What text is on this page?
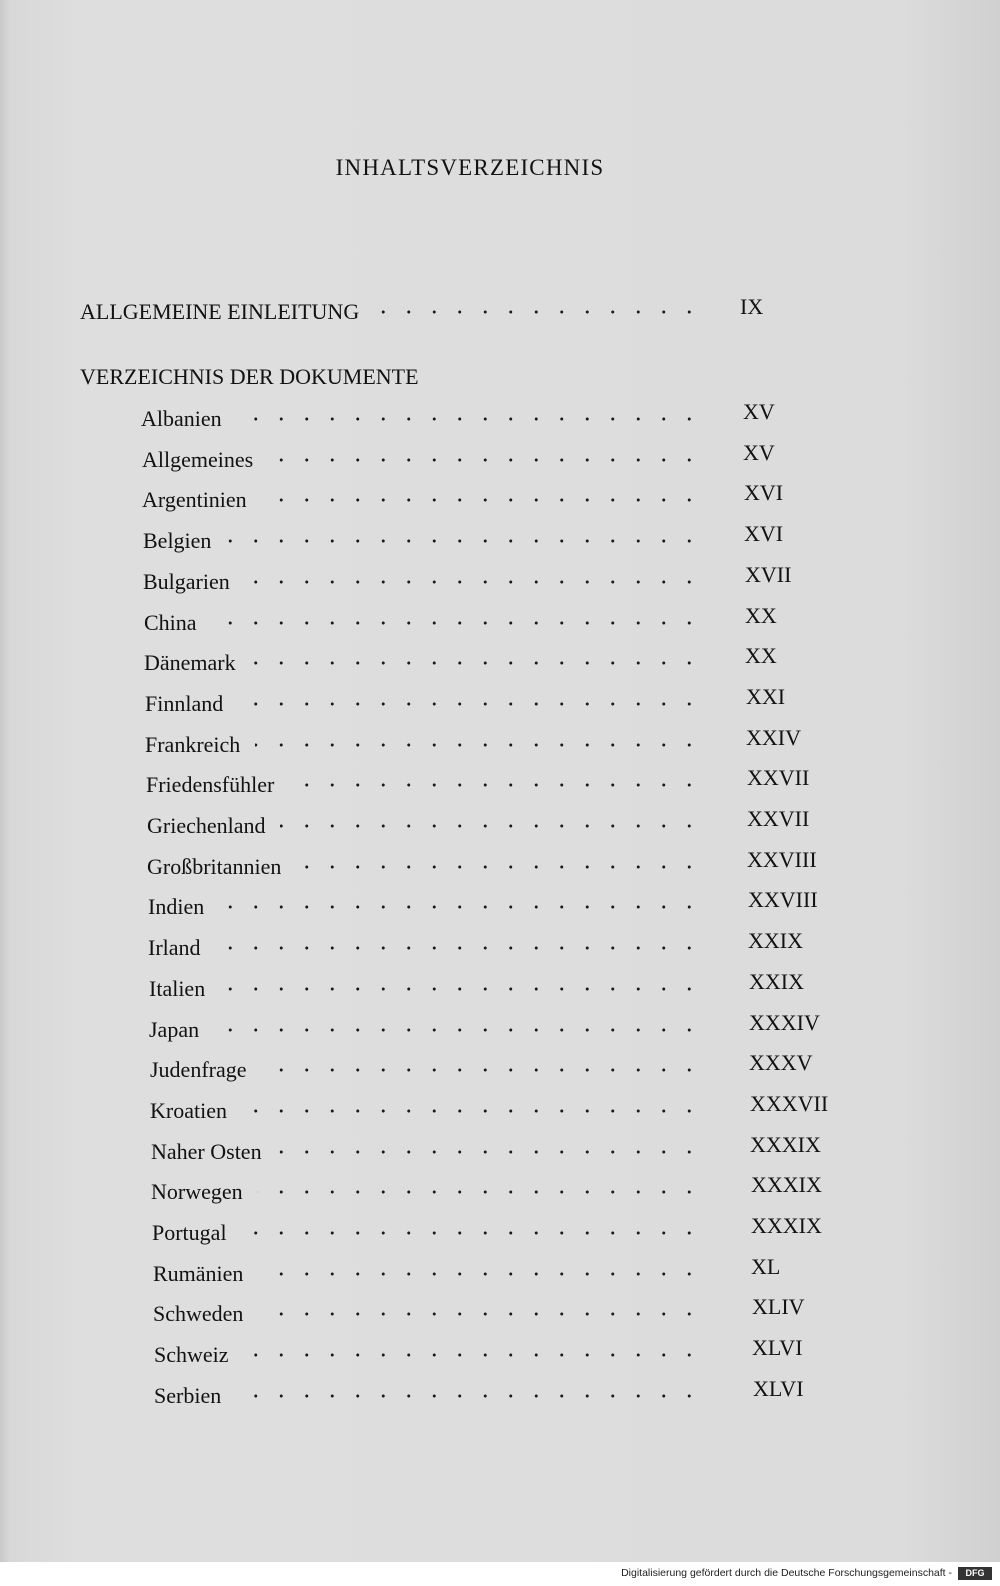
INHALTSVERZEICHNIS
ALLGEMEINE EINLEITUNG	IX
VERZEICHNIS DER DOKUMENTE
Albanien	XV
Allgemeines	XV
Argentinien	XVI
Belgien	XVI
Bulgarien	XVII
China	XX
Dänemark	XX
Finnland	XXI
Frankreich	XXIV
Friedensfühler	XXVII
Griechenland	XXVII
Großbritannien	XXVIII
Indien	XXVIII
Irland	XXIX
Italien	XXIX
Japan	XXXIV
Judenfrage	XXXV
Kroatien	XXXVII
Naher Osten	XXXIX
Norwegen	XXXIX
Portugal	XXXIX
Rumänien	XL
Schweden	XLIV
Schweiz	XLVI
Serbien	XLVI
Digitalisierung gefördert durch die Deutsche Forschungsgemeinschaft -	DFG
